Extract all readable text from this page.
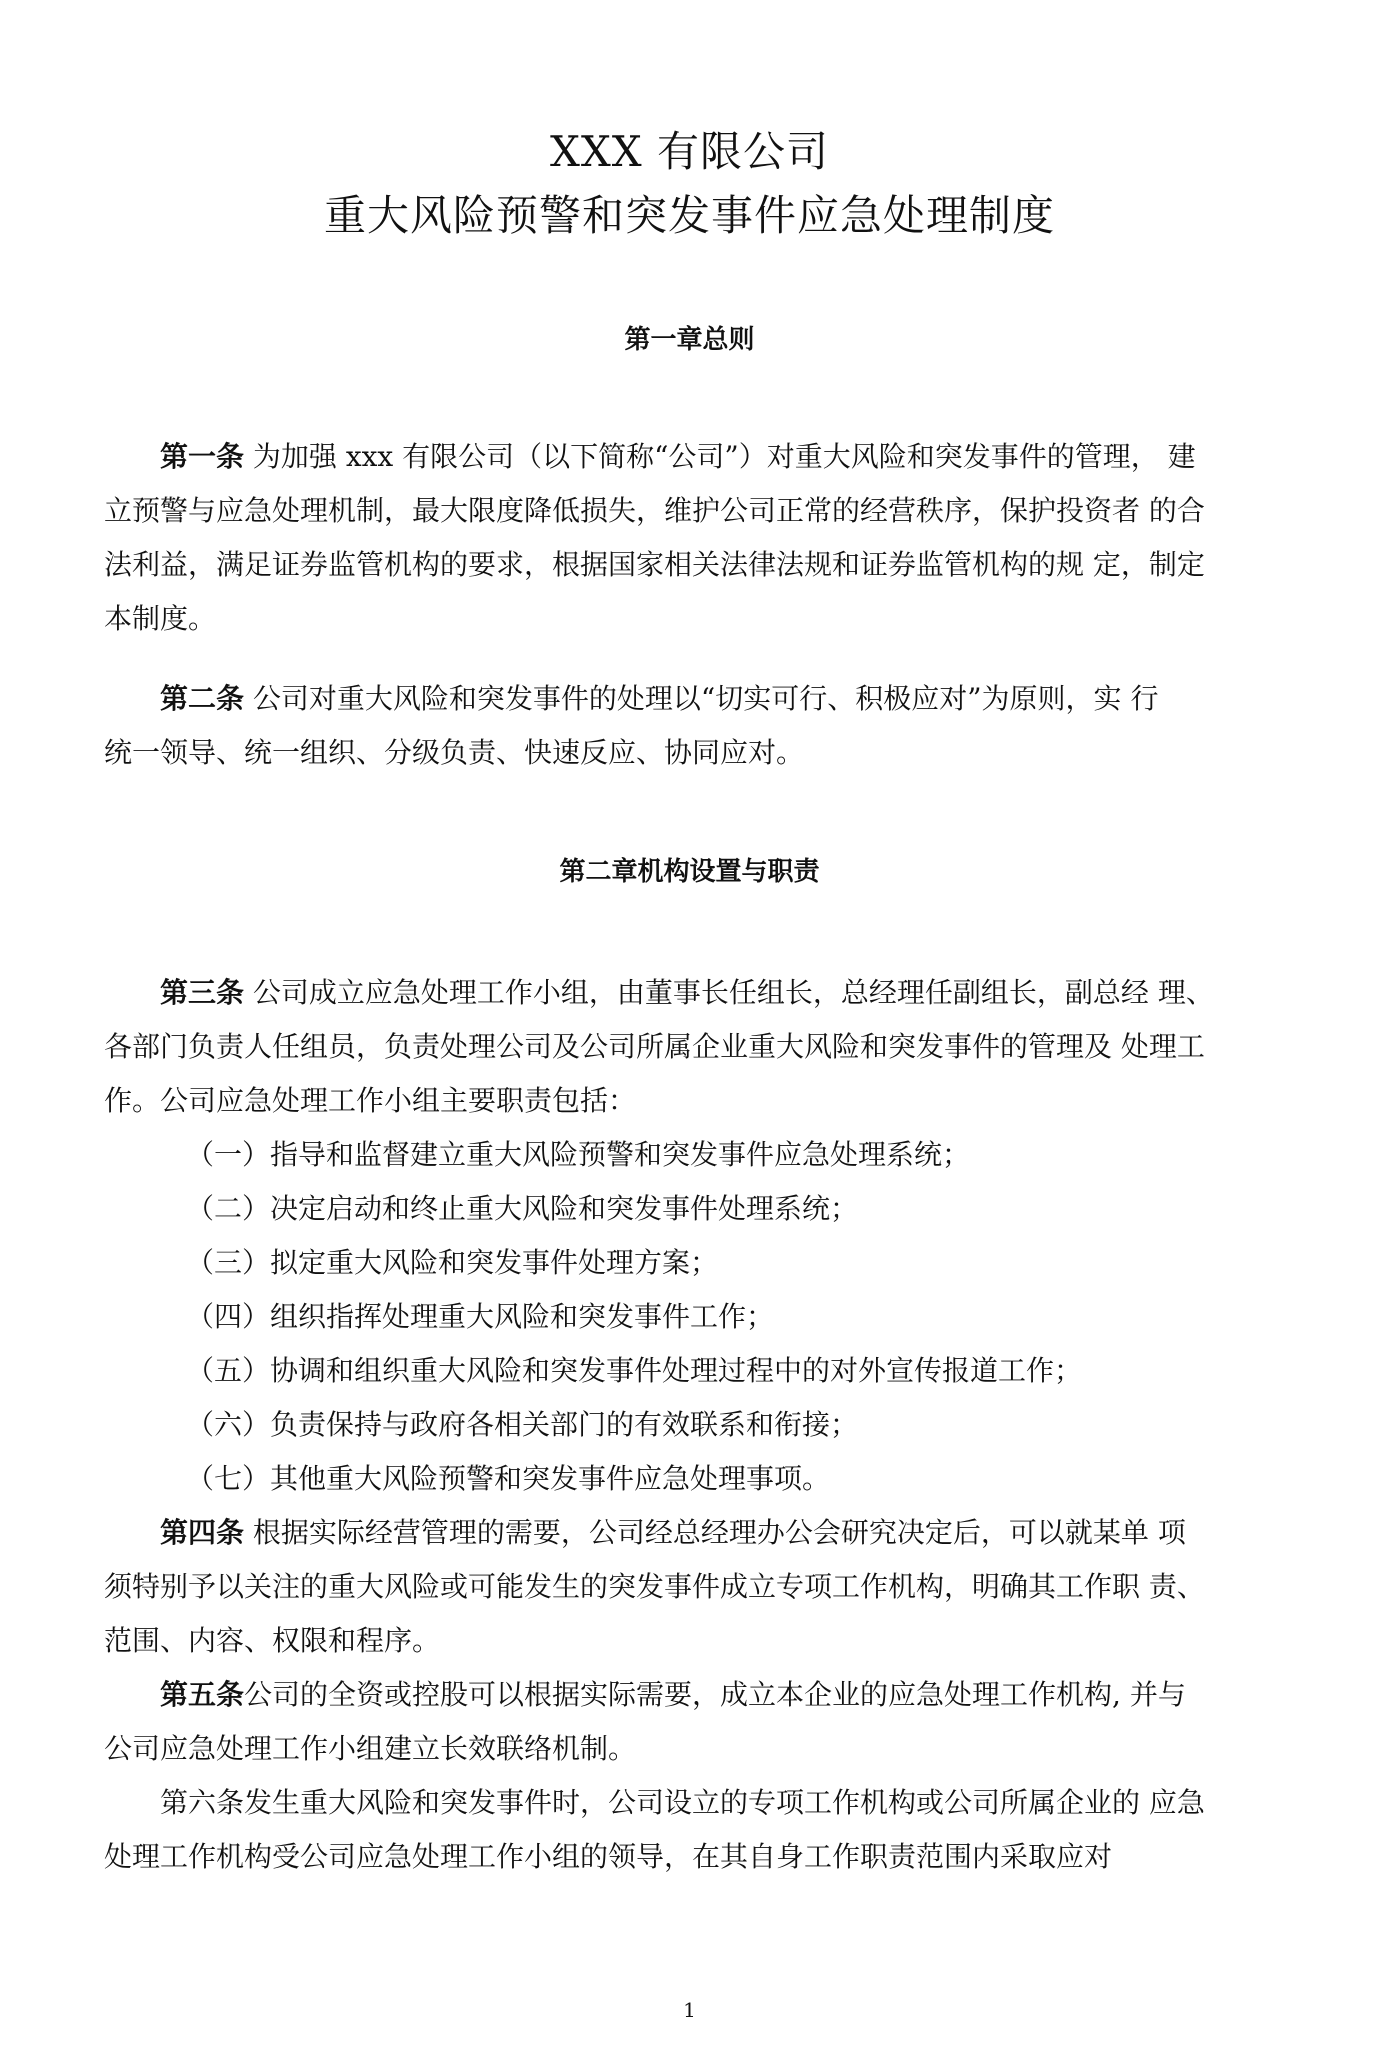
XXX 有限公司
重大风险预警和突发事件应急处理制度
第一章总则
第一条 为加强 xxx 有限公司（以下简称“公司”）对重大风险和突发事件的管理， 建
立预警与应急处理机制，最大限度降低损失，维护公司正常的经营秩序，保护投资者 的合
法利益，满足证券监管机构的要求，根据国家相关法律法规和证券监管机构的规 定，制定
本制度。
第二条 公司对重大风险和突发事件的处理以“切实可行、积极应对”为原则，实 行
统一领导、统一组织、分级负责、快速反应、协同应对。
第二章机构设置与职责
第三条 公司成立应急处理工作小组，由董事长任组长，总经理任副组长，副总经 理、
各部门负责人任组员，负责处理公司及公司所属企业重大风险和突发事件的管理及 处理工
作。公司应急处理工作小组主要职责包括：
（一）指导和监督建立重大风险预警和突发事件应急处理系统；
（二）决定启动和终止重大风险和突发事件处理系统；
（三）拟定重大风险和突发事件处理方案；
（四）组织指挥处理重大风险和突发事件工作；
（五）协调和组织重大风险和突发事件处理过程中的对外宣传报道工作；
（六）负责保持与政府各相关部门的有效联系和衔接；
（七）其他重大风险预警和突发事件应急处理事项。
第四条 根据实际经营管理的需要，公司经总经理办公会研究决定后，可以就某单 项
须特别予以关注的重大风险或可能发生的突发事件成立专项工作机构，明确其工作职 责、
范围、内容、权限和程序。
第五条公司的全资或控股可以根据实际需要，成立本企业的应急处理工作机构, 并与
公司应急处理工作小组建立长效联络机制。
第六条发生重大风险和突发事件时，公司设立的专项工作机构或公司所属企业的 应急
处理工作机构受公司应急处理工作小组的领导，在其自身工作职责范围内采取应对
1
